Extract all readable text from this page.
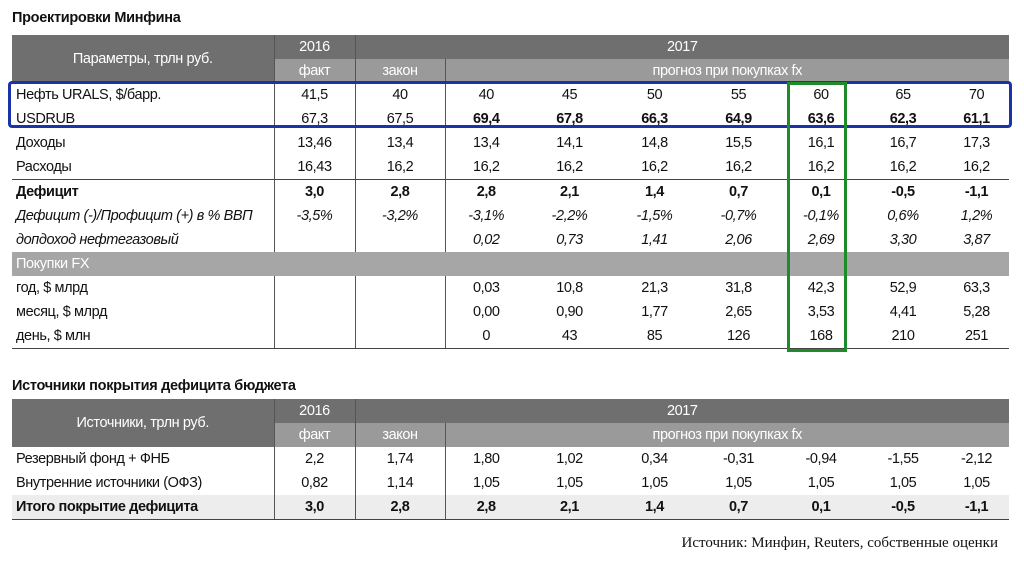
Проектировки Минфина
Параметры, трлн руб.	2016	2017							
	факт	закон	прогноз при покупках fx						
Нефть URALS, $/барр.	41,5	40	40	45	50	55	60	65	70
USDRUB	67,3	67,5	69,4	67,8	66,3	64,9	63,6	62,3	61,1
Доходы	13,46	13,4	13,4	14,1	14,8	15,5	16,1	16,7	17,3
Расходы	16,43	16,2	16,2	16,2	16,2	16,2	16,2	16,2	16,2
Дефицит	3,0	2,8	2,8	2,1	1,4	0,7	0,1	-0,5	-1,1
Дефицит (-)/Профицит (+) в % ВВП	-3,5%	-3,2%	-3,1%	-2,2%	-1,5%	-0,7%	-0,1%	0,6%	1,2%
допдоход нефтегазовый			0,02	0,73	1,41	2,06	2,69	3,30	3,87
Покупки FX									
год, $ млрд			0,03	10,8	21,3	31,8	42,3	52,9	63,3
месяц, $ млрд			0,00	0,90	1,77	2,65	3,53	4,41	5,28
день, $ млн			0	43	85	126	168	210	251
Источники покрытия дефицита бюджета
Источники, трлн руб.	2016	2017							
	факт	закон	прогноз при покупках fx						
Резервный фонд + ФНБ	2,2	1,74	1,80	1,02	0,34	-0,31	-0,94	-1,55	-2,12
Внутренние источники (ОФЗ)	0,82	1,14	1,05	1,05	1,05	1,05	1,05	1,05	1,05
Итого покрытие дефицита	3,0	2,8	2,8	2,1	1,4	0,7	0,1	-0,5	-1,1
Источник: Минфин, Reuters, собственные оценки
